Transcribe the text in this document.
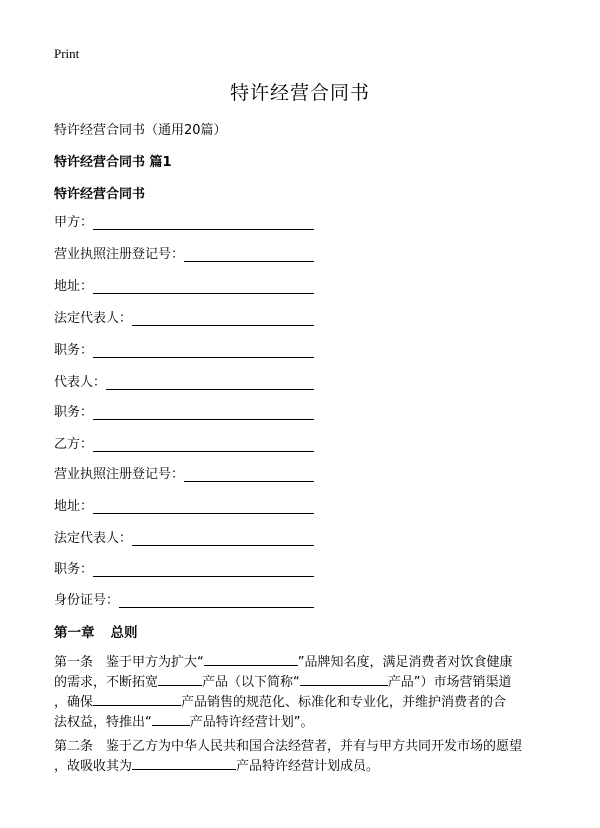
Print
特许经营合同书
特许经营合同书（通用20篇）
特许经营合同书 篇1
特许经营合同书
甲方：
营业执照注册登记号：
地址：
法定代表人：
职务：
代表人：
职务：
乙方：
营业执照注册登记号：
地址：
法定代表人：
职务：
身份证号：
第一章 总则
第一条　鉴于甲方为扩大“	”品牌知名度，满足消费者对饮食健康
的需求，不断拓宽	产品（以下简称“	产品”）市场营销渠道
，确保	产品销售的规范化、标准化和专业化，并维护消费者的合
法权益，特推出“	产品特许经营计划”。
第二条　鉴于乙方为中华人民共和国合法经营者，并有与甲方共同开发市场的愿望
，故吸收其为	产品特许经营计划成员。
